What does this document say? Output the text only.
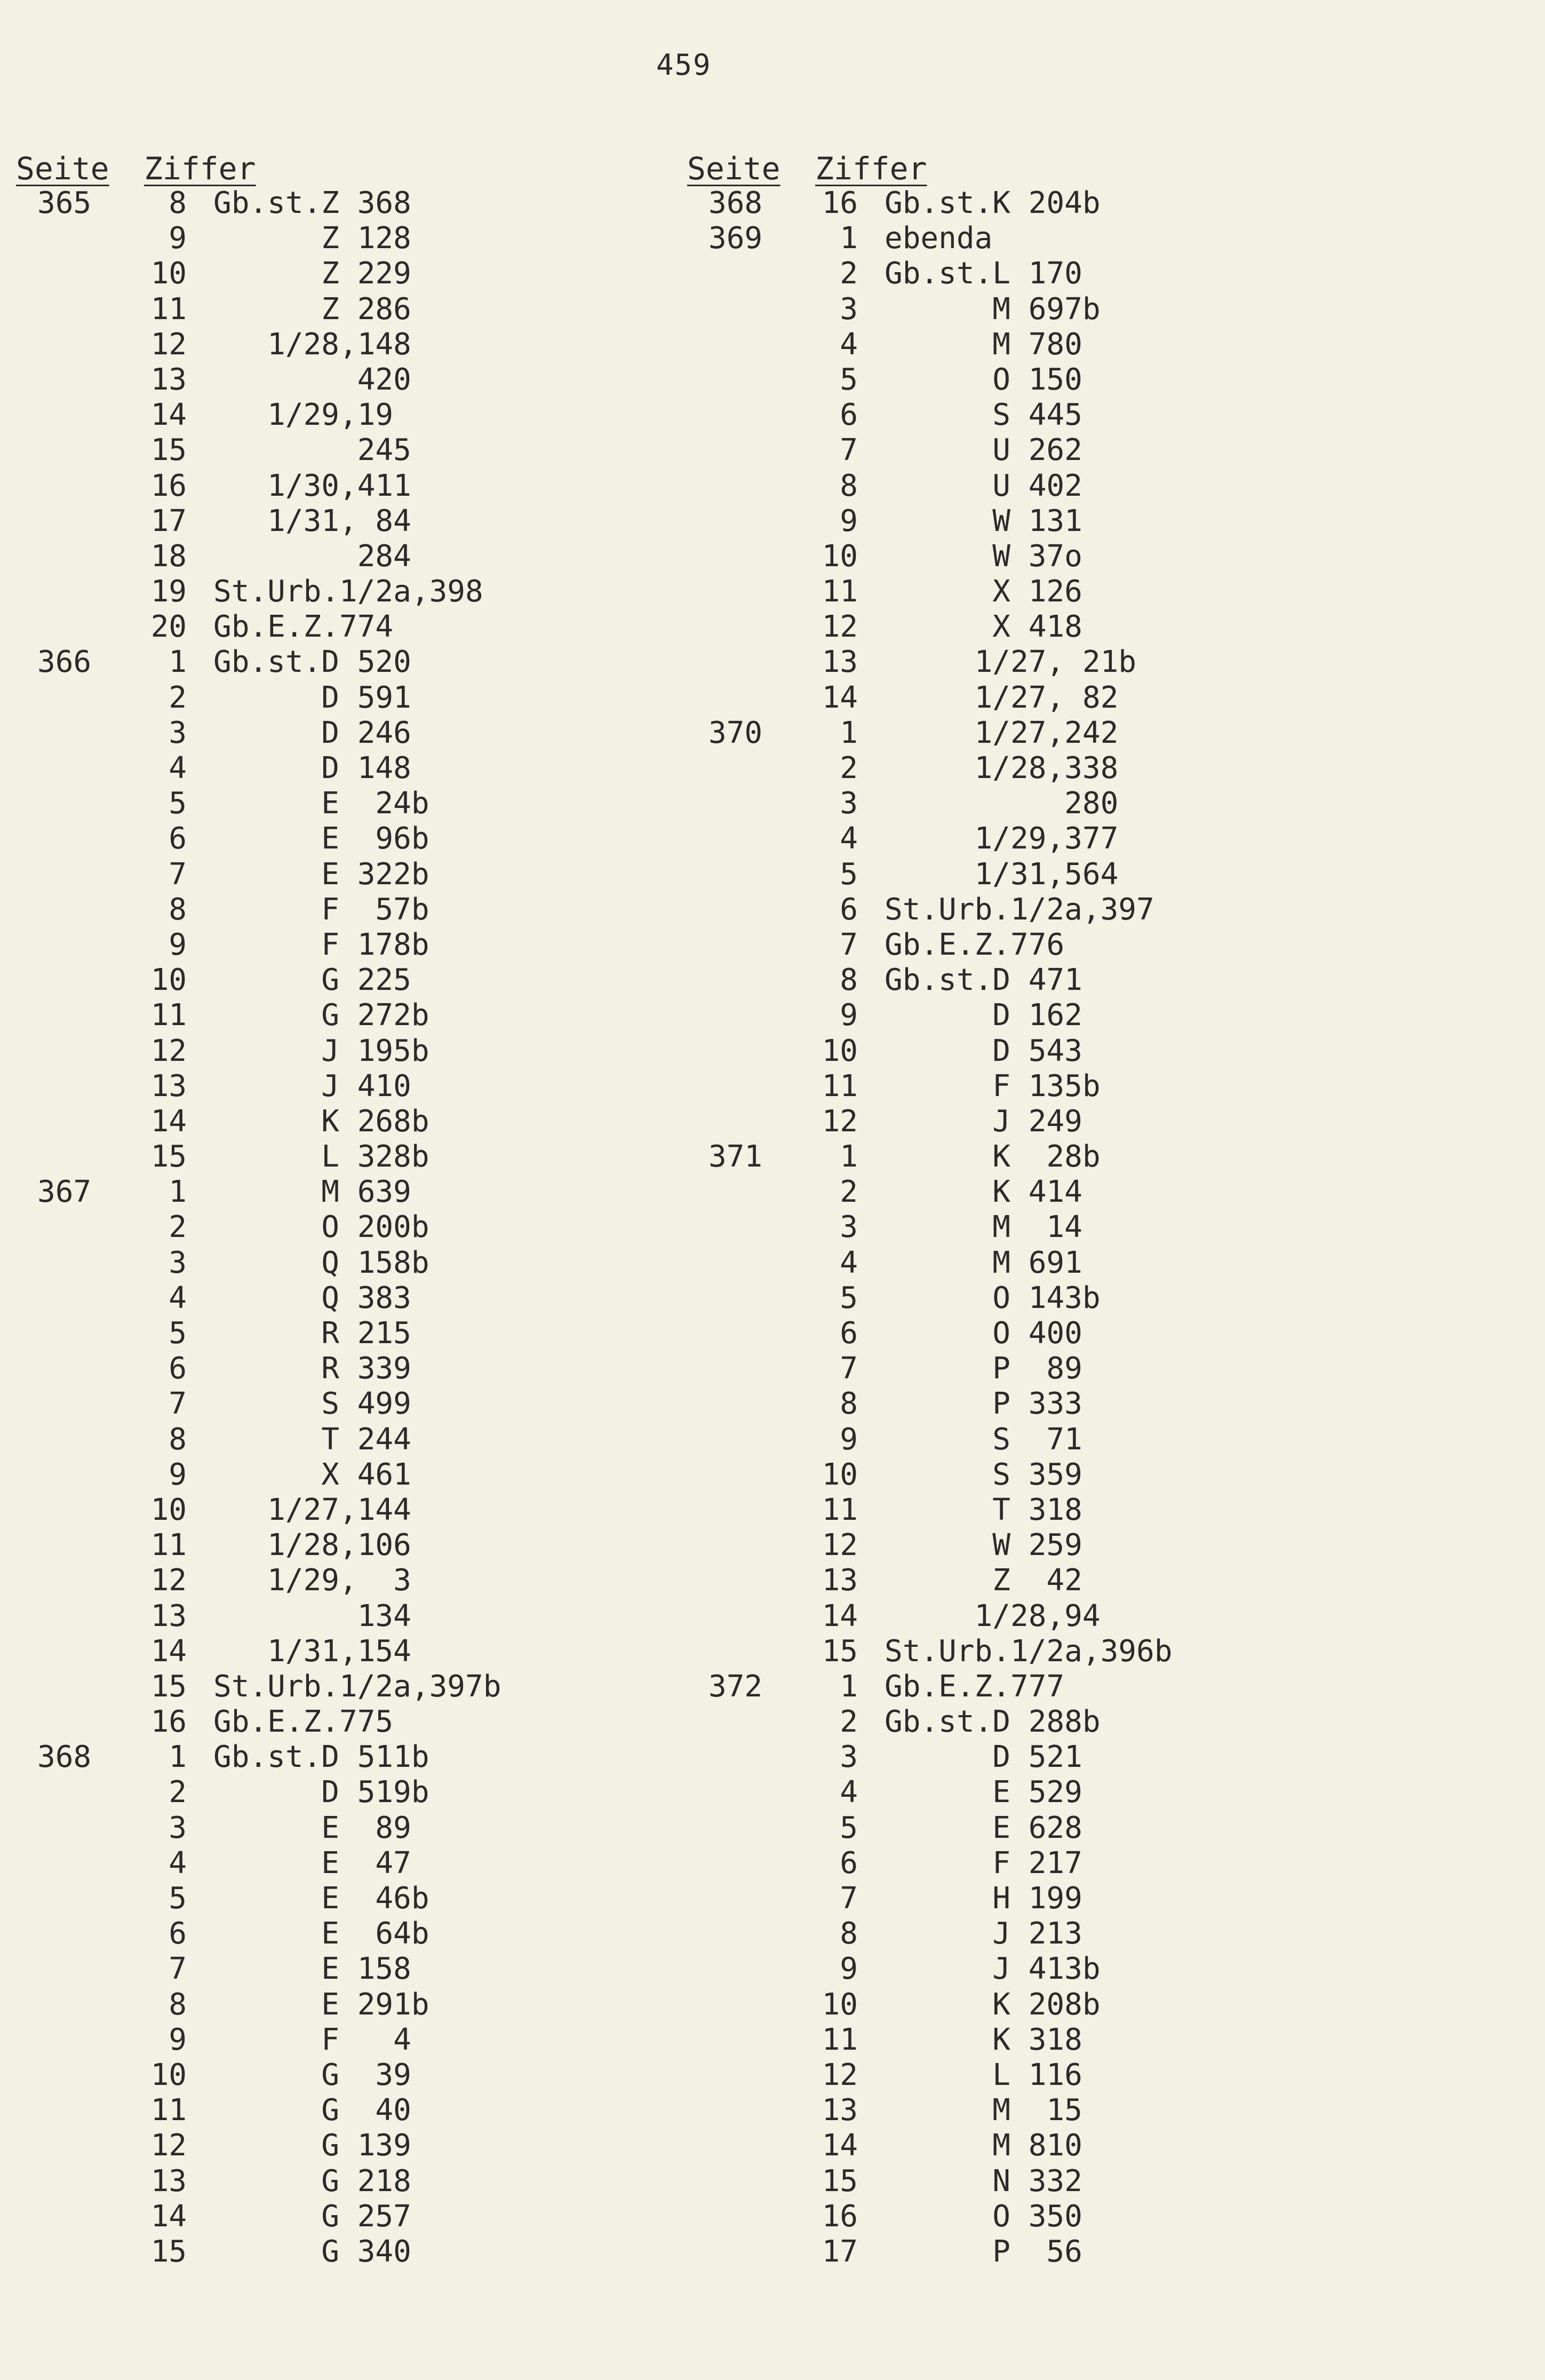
459
Seite Ziffer
365	8 Gb.st.Z 368
9 Z 128
10 Z 229
11 Z 286
12 1/28,148
13 420
14 1/29,19
15 245
16 1/30,411
17 1/31, 84
18 284
19 St.Urb.1/2a,398
20 Gb.E.Z.774
366	1 Gb.st.D 520
2 D 591
3 D 246
4 D 148
5 E  24b
6 E  96b
7 E 322b
8 F  57b
9 F 178b
10 G 225
11 G 272b
12 J 195b
13 J 410
14 K 268b
15 L 328b
367	1 M 639
2 O 200b
3 Q 158b
4 Q 383
5 R 215
6 R 339
7 S 499
8 T 244
9 X 461
10 1/27,144
11 1/28,106
12 1/29,  3
13 134
14 1/31,154
15 St.Urb.1/2a,397b
16 Gb.E.Z.775
368	1 Gb.st.D 511b
2 D 519b
3 E  89
4 E  47
5 E  46b
6 E  64b
7 E 158
8 E 291b
9 F   4
10 G  39
11 G  40
12 G 139
13 G 218
14 G 257
15 G 340
Seite Ziffer
368	16 Gb.st.K 204b
369	1 ebenda
2 Gb.st.L 170
3 M 697b
4 M 780
5 O 150
6 S 445
7 U 262
8 U 402
9 W 131
10 W 37o
11 X 126
12 X 418
13 1/27, 21b
14 1/27, 82
370	1 1/27,242
2 1/28,338
3 280
4 1/29,377
5 1/31,564
6 St.Urb.1/2a,397
7 Gb.E.Z.776
8 Gb.st.D 471
9 D 162
10 D 543
11 F 135b
12 J 249
371	1 K  28b
2 K 414
3 M  14
4 M 691
5 O 143b
6 O 400
7 P  89
8 P 333
9 S  71
10 S 359
11 T 318
12 W 259
13 Z  42
14 1/28,94
15 St.Urb.1/2a,396b
372	1 Gb.E.Z.777
2 Gb.st.D 288b
3 D 521
4 E 529
5 E 628
6 F 217
7 H 199
8 J 213
9 J 413b
10 K 208b
11 K 318
12 L 116
13 M  15
14 M 810
15 N 332
16 O 350
17 P  56
